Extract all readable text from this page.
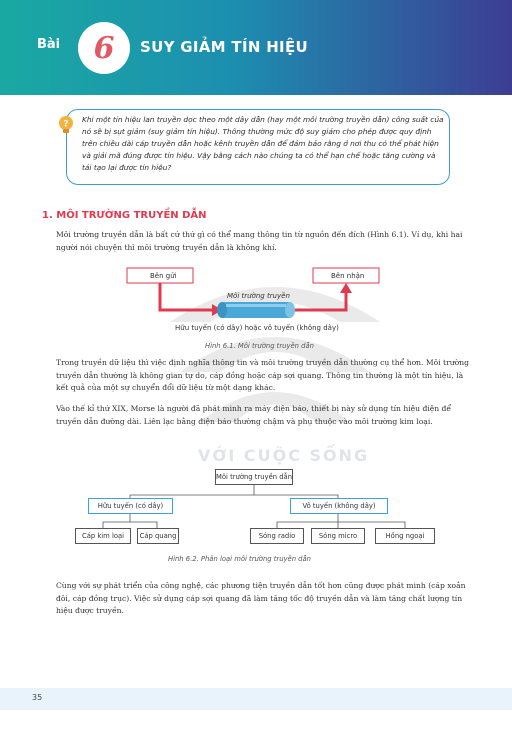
Bài 6 SUY GIẢM TÍN HIỆU
VỚI CUỘC SỐNG
? Khi một tín hiệu lan truyền dọc theo một dây dẫn (hay một môi trường truyền dẫn) công suất của nó sẽ bị sụt giảm (suy giảm tín hiệu). Thông thường mức độ suy giảm cho phép được quy định trên chiều dài cáp truyền dẫn hoặc kênh truyền dẫn để đảm bảo rằng ở nơi thu có thể phát hiện và giải mã đúng được tín hiệu. Vậy bằng cách nào chúng ta có thể hạn chế hoặc tăng cường và tái tạo lại được tín hiệu?
1. MÔI TRƯỜNG TRUYỀN DẪN
Môi trường truyền dẫn là bất cứ thứ gì có thể mang thông tin từ nguồn đến đích (Hình 6.1). Ví dụ, khi hai người nói chuyện thì môi trường truyền dẫn là không khí.
Bên gửi	Bên nhận
Môi trường truyền
Hữu tuyến (có dây) hoặc vô tuyến (không dây)
Hình 6.1. Môi trường truyền dẫn
Trong truyền dữ liệu thì việc định nghĩa thông tin và môi trường truyền dẫn thường cụ thể hơn. Môi trường truyền dẫn thường là không gian tự do, cáp đồng hoặc cáp sợi quang. Thông tin thường là một tín hiệu, là kết quả của một sự chuyển đổi dữ liệu từ một dạng khác.
Vào thế kỉ thứ XIX, Morse là người đã phát minh ra máy điện báo, thiết bị này sử dụng tín hiệu điện để truyền dẫn đường dài. Liên lạc bằng điện báo thường chậm và phụ thuộc vào môi trường kim loại.
Môi trường truyền dẫn
Hữu tuyến (có dây)	Vô tuyến (không dây)
Cáp kim loại	Cáp quang	Sóng radio	Sóng micro	Hồng ngoại
Hình 6.2. Phân loại môi trường truyền dẫn
Cùng với sự phát triển của công nghệ, các phương tiện truyền dẫn tốt hơn cũng được phát minh (cáp xoắn đôi, cáp đồng trục). Việc sử dụng cáp sợi quang đã làm tăng tốc độ truyền dẫn và làm tăng chất lượng tín hiệu được truyền.
35
